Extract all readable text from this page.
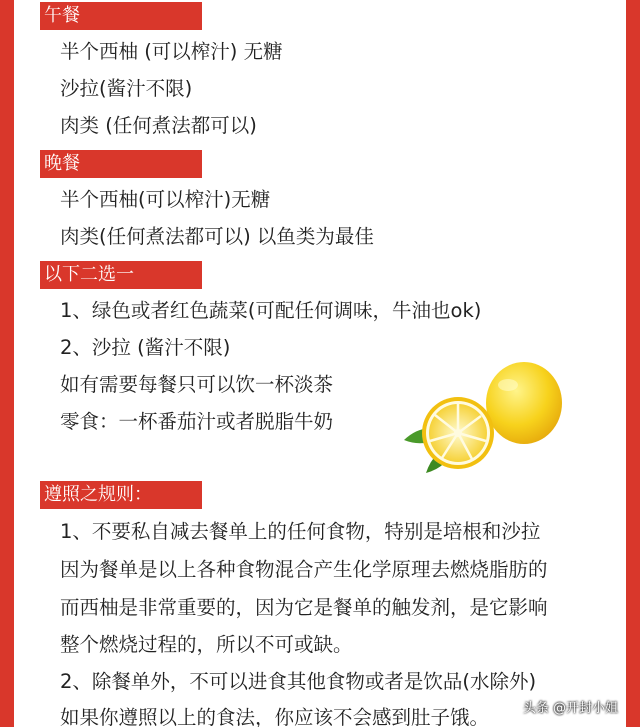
午餐
半个西柚 (可以榨汁) 无糖
沙拉(酱汁不限)
肉类 (任何煮法都可以)
晚餐
半个西柚(可以榨汁)无糖
肉类(任何煮法都可以) 以鱼类为最佳
以下二选一
1、绿色或者红色蔬菜(可配任何调味，牛油也ok)
2、沙拉 (酱汁不限)
如有需要每餐只可以饮一杯淡茶
零食：一杯番茄汁或者脱脂牛奶
遵照之规则：
1、不要私自减去餐单上的任何食物，特别是培根和沙拉
因为餐单是以上各种食物混合产生化学原理去燃烧脂肪的
而西柚是非常重要的，因为它是餐单的触发剂，是它影响
整个燃烧过程的，所以不可或缺。
2、除餐单外，不可以进食其他食物或者是饮品(水除外)
如果你遵照以上的食法，你应该不会感到肚子饿。	头条 @开封小姐
